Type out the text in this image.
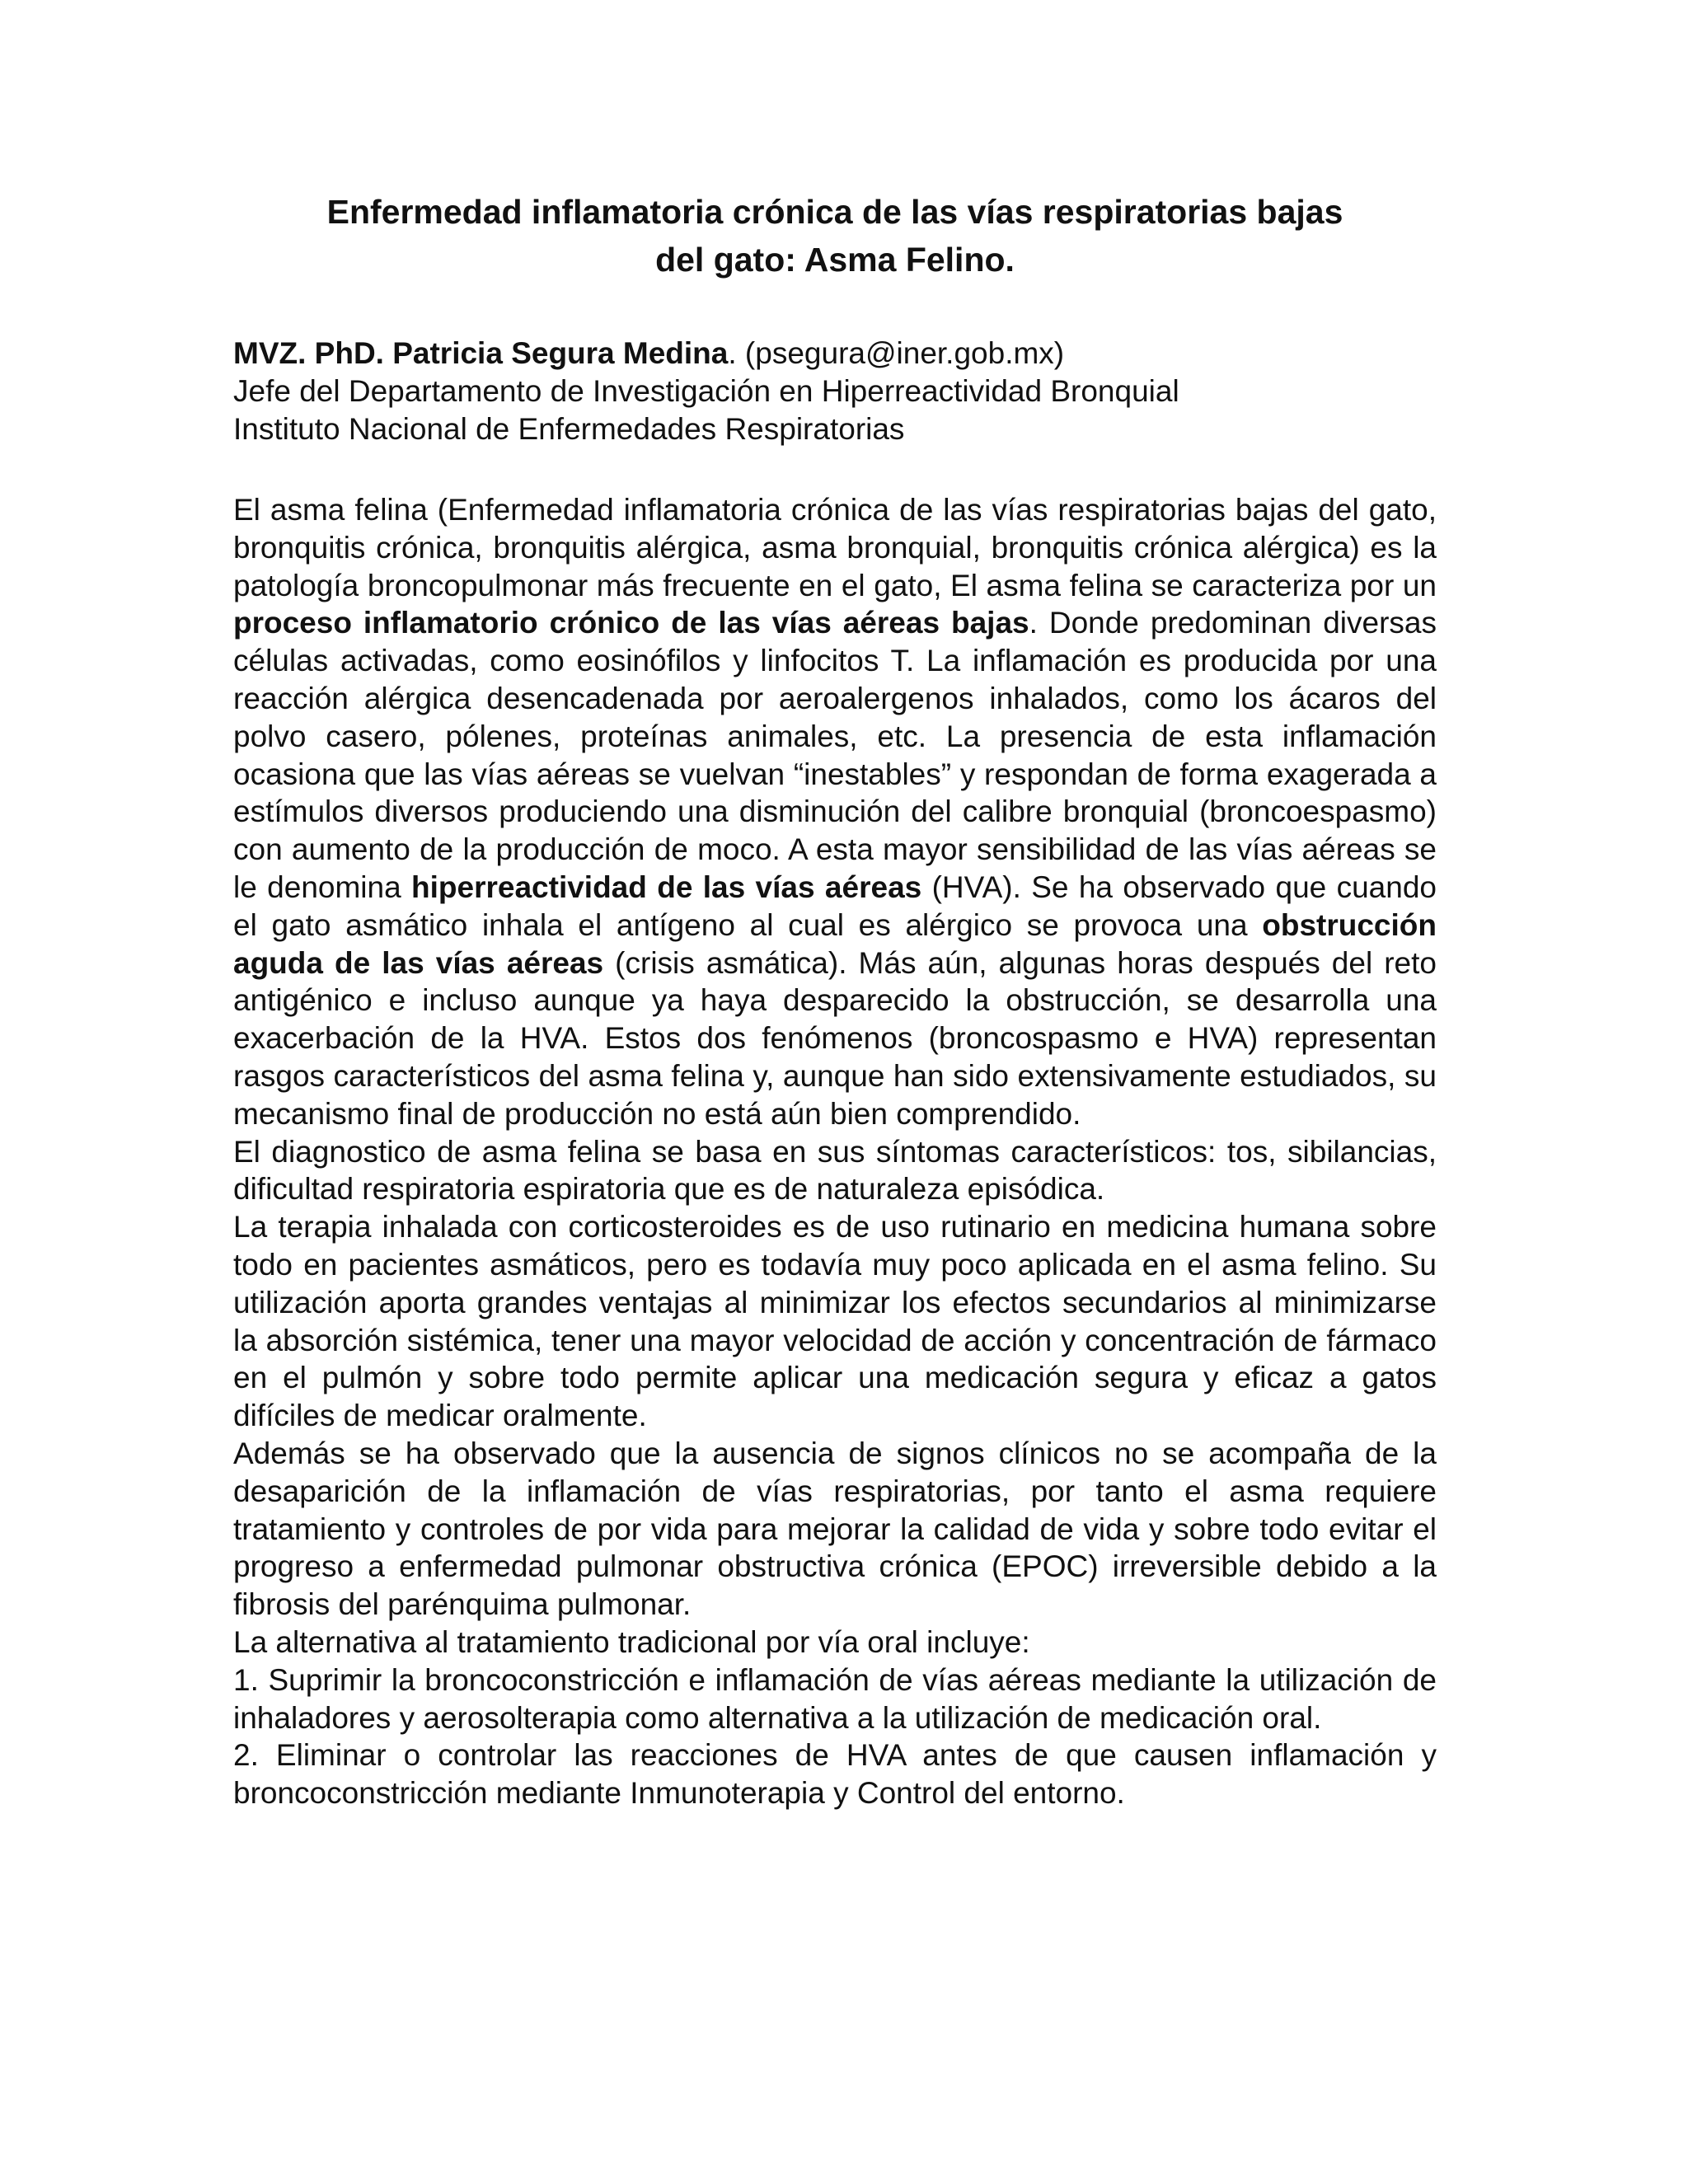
Enfermedad inflamatoria crónica de las vías respiratorias bajas
del gato: Asma Felino.
MVZ. PhD. Patricia Segura Medina. (psegura@iner.gob.mx)
Jefe del Departamento de Investigación en Hiperreactividad Bronquial
Instituto Nacional de Enfermedades Respiratorias

El asma felina (Enfermedad inflamatoria crónica de las vías respiratorias bajas del gato, bronquitis crónica, bronquitis alérgica, asma bronquial, bronquitis crónica alérgica) es la patología broncopulmonar más frecuente en el gato, El asma felina se caracteriza por un proceso inflamatorio crónico de las vías aéreas bajas. Donde predominan diversas células activadas, como eosinófilos y linfocitos T. La inflamación es producida por una reacción alérgica desencadenada por aeroalergenos inhalados, como los ácaros del polvo casero, pólenes, proteínas animales, etc. La presencia de esta inflamación ocasiona que las vías aéreas se vuelvan “inestables” y respondan de forma exagerada a estímulos diversos produciendo una disminución del calibre bronquial (broncoespasmo) con aumento de la producción de moco. A esta mayor sensibilidad de las vías aéreas se le denomina hiperreactividad de las vías aéreas (HVA). Se ha observado que cuando el gato asmático inhala el antígeno al cual es alérgico se provoca una obstrucción aguda de las vías aéreas (crisis asmática). Más aún, algunas horas después del reto antigénico e incluso aunque ya haya desparecido la obstrucción, se desarrolla una exacerbación de la HVA. Estos dos fenómenos (broncospasmo e HVA) representan rasgos característicos del asma felina y, aunque han sido extensivamente estudiados, su mecanismo final de producción no está aún bien comprendido.

El diagnostico de asma felina se basa en sus síntomas característicos: tos, sibilancias, dificultad respiratoria espiratoria que es de naturaleza episódica.

La terapia inhalada con corticosteroides es de uso rutinario en medicina humana sobre todo en pacientes asmáticos, pero es todavía muy poco aplicada en el asma felino. Su utilización aporta grandes ventajas al minimizar los efectos secundarios al minimizarse la absorción sistémica, tener una mayor velocidad de acción y concentración de fármaco en el pulmón y sobre todo permite aplicar una medicación segura y eficaz a gatos difíciles de medicar oralmente.

Además se ha observado que la ausencia de signos clínicos no se acompaña de la desaparición de la inflamación de vías respiratorias, por tanto el asma requiere tratamiento y controles de por vida para mejorar la calidad de vida y sobre todo evitar el progreso a enfermedad pulmonar obstructiva crónica (EPOC) irreversible debido a la fibrosis del parénquima pulmonar.

La alternativa al tratamiento tradicional por vía oral incluye:

1. Suprimir la broncoconstricción e inflamación de vías aéreas mediante la utilización de inhaladores y aerosolterapia como alternativa a la utilización de medicación oral.

2. Eliminar o controlar las reacciones de HVA antes de que causen inflamación y broncoconstricción mediante Inmunoterapia y Control del entorno.
